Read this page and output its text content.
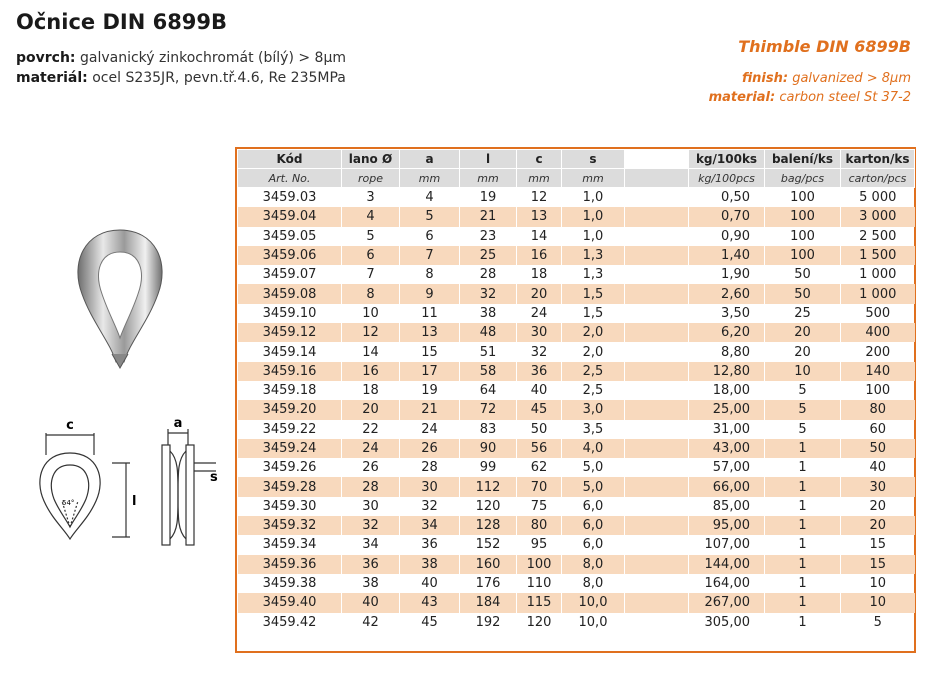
Očnice DIN 6899B
povrch: galvanický zinkochromát (bílý) > 8µm
materiál: ocel S235JR, pevn.tř.4.6, Re 235MPa
Thimble DIN 6899B
finish: galvanized > 8µm
material: carbon steel St 37-2
c	a
s
l
54°
Kód	lano Ø	a	l	c	s		kg/100ks	balení/ks	karton/ks
Art. No.	rope	mm	mm	mm	mm		kg/100pcs	bag/pcs	carton/pcs
3459.03	3	4	19	12	1,0		0,50	100	5 000
3459.04	4	5	21	13	1,0		0,70	100	3 000
3459.05	5	6	23	14	1,0		0,90	100	2 500
3459.06	6	7	25	16	1,3		1,40	100	1 500
3459.07	7	8	28	18	1,3		1,90	50	1 000
3459.08	8	9	32	20	1,5		2,60	50	1 000
3459.10	10	11	38	24	1,5		3,50	25	500
3459.12	12	13	48	30	2,0		6,20	20	400
3459.14	14	15	51	32	2,0		8,80	20	200
3459.16	16	17	58	36	2,5		12,80	10	140
3459.18	18	19	64	40	2,5		18,00	5	100
3459.20	20	21	72	45	3,0		25,00	5	80
3459.22	22	24	83	50	3,5		31,00	5	60
3459.24	24	26	90	56	4,0		43,00	1	50
3459.26	26	28	99	62	5,0		57,00	1	40
3459.28	28	30	112	70	5,0		66,00	1	30
3459.30	30	32	120	75	6,0		85,00	1	20
3459.32	32	34	128	80	6,0		95,00	1	20
3459.34	34	36	152	95	6,0		107,00	1	15
3459.36	36	38	160	100	8,0		144,00	1	15
3459.38	38	40	176	110	8,0		164,00	1	10
3459.40	40	43	184	115	10,0		267,00	1	10
3459.42	42	45	192	120	10,0		305,00	1	5
